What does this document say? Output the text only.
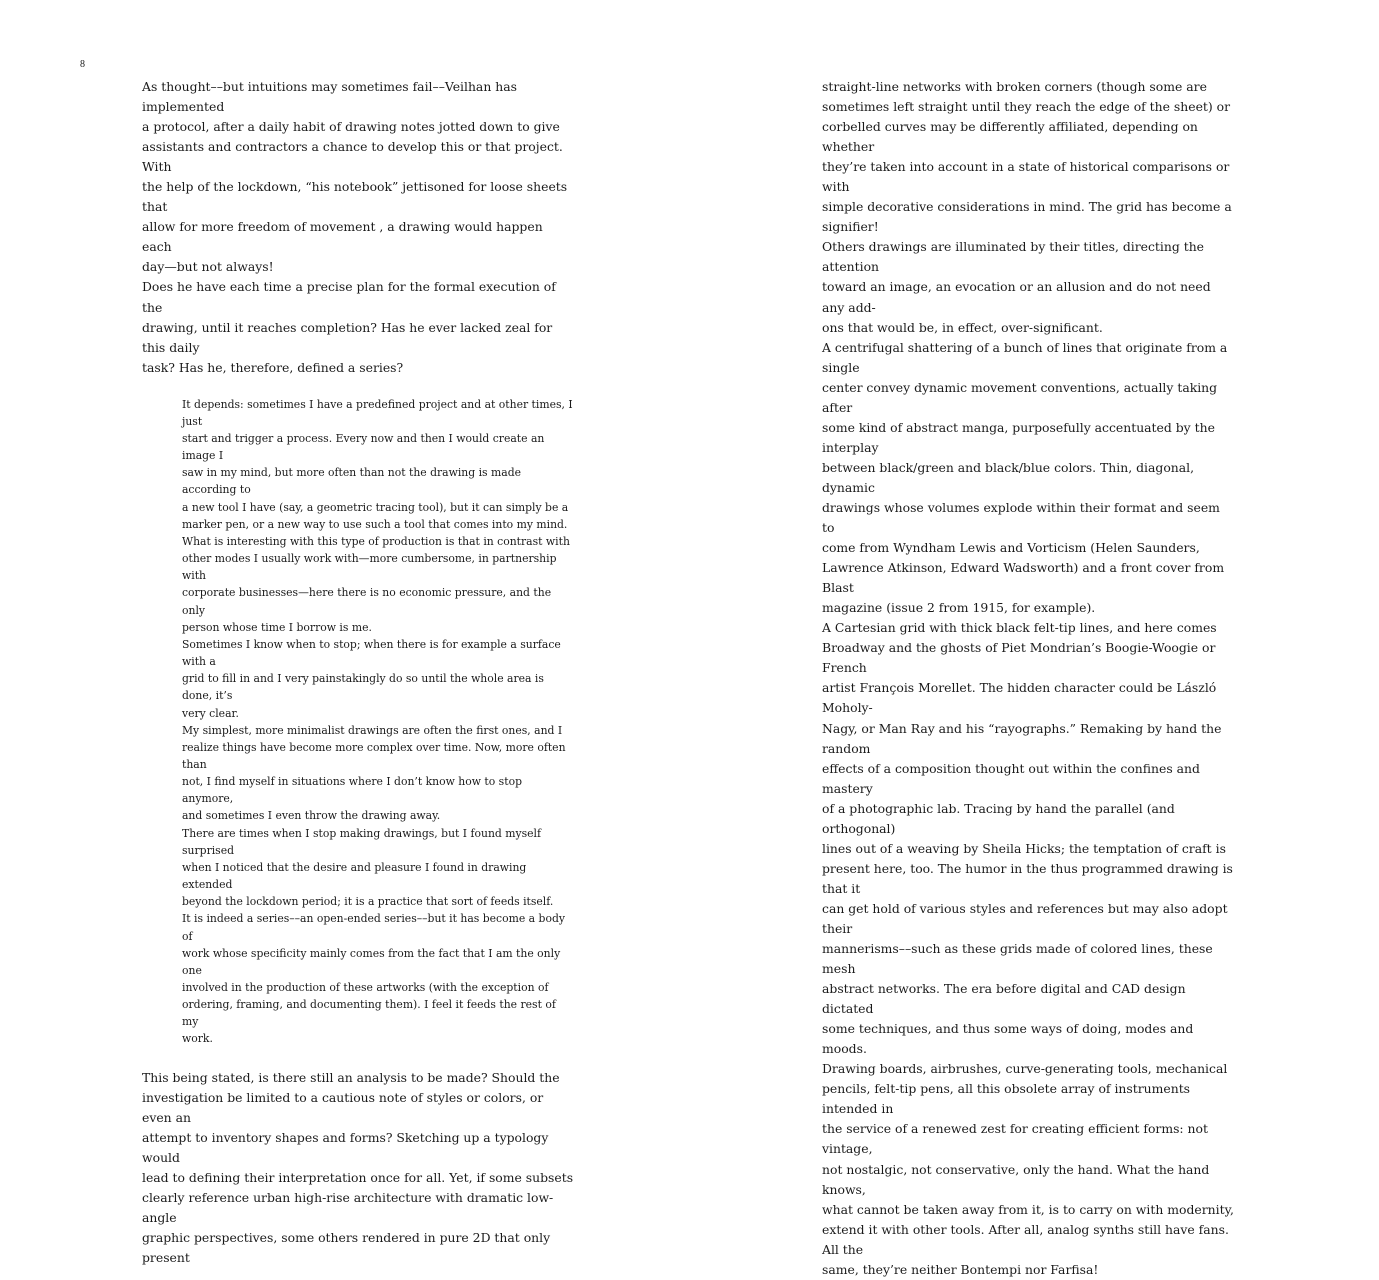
8

As thought––but intuitions may sometimes fail––Veilhan has implemented
a protocol, after a daily habit of drawing notes jotted down to give
assistants and contractors a chance to develop this or that project. With
the help of the lockdown, “his notebook” jettisoned for loose sheets that
allow for more freedom of movement , a drawing would happen each
day—but not always!

Does he have each time a precise plan for the formal execution of the
drawing, until it reaches completion? Has he ever lacked zeal for this daily
task? Has he, therefore, defined a series?

It depends: sometimes I have a predefined project and at other times, I just
start and trigger a process. Every now and then I would create an image I
saw in my mind, but more often than not the drawing is made according to
a new tool I have (say, a geometric tracing tool), but it can simply be a
marker pen, or a new way to use such a tool that comes into my mind.

What is interesting with this type of production is that in contrast with
other modes I usually work with—more cumbersome, in partnership with
corporate businesses—here there is no economic pressure, and the only
person whose time I borrow is me.

Sometimes I know when to stop; when there is for example a surface with a
grid to fill in and I very painstakingly do so until the whole area is done, it’s
very clear.

My simplest, more minimalist drawings are often the first ones, and I
realize things have become more complex over time. Now, more often than
not, I find myself in situations where I don’t know how to stop anymore,
and sometimes I even throw the drawing away.

There are times when I stop making drawings, but I found myself surprised
when I noticed that the desire and pleasure I found in drawing extended
beyond the lockdown period; it is a practice that sort of feeds itself.

It is indeed a series––an open-ended series––but it has become a body of
work whose specificity mainly comes from the fact that I am the only one
involved in the production of these artworks (with the exception of
ordering, framing, and documenting them). I feel it feeds the rest of my
work.

This being stated, is there still an analysis to be made? Should the
investigation be limited to a cautious note of styles or colors, or even an
attempt to inventory shapes and forms? Sketching up a typology would
lead to defining their interpretation once for all. Yet, if some subsets
clearly reference urban high-rise architecture with dramatic low-angle
graphic perspectives, some others rendered in pure 2D that only present

straight-line networks with broken corners (though some are
sometimes left straight until they reach the edge of the sheet) or
corbelled curves may be differently affiliated, depending on whether
they’re taken into account in a state of historical comparisons or with
simple decorative considerations in mind. The grid has become a
signifier!

Others drawings are illuminated by their titles, directing the attention
toward an image, an evocation or an allusion and do not need any add-
ons that would be, in effect, over-significant.

A centrifugal shattering of a bunch of lines that originate from a single
center convey dynamic movement conventions, actually taking after
some kind of abstract manga, purposefully accentuated by the interplay
between black/green and black/blue colors. Thin, diagonal, dynamic
drawings whose volumes explode within their format and seem to
come from Wyndham Lewis and Vorticism (Helen Saunders,
Lawrence Atkinson, Edward Wadsworth) and a front cover from Blast
magazine (issue 2 from 1915, for example).

A Cartesian grid with thick black felt-tip lines, and here comes
Broadway and the ghosts of Piet Mondrian’s Boogie-Woogie or French
artist François Morellet. The hidden character could be László Moholy-
Nagy, or Man Ray and his “rayographs.” Remaking by hand the random
effects of a composition thought out within the confines and mastery
of a photographic lab. Tracing by hand the parallel (and orthogonal)
lines out of a weaving by Sheila Hicks; the temptation of craft is
present here, too. The humor in the thus programmed drawing is that it
can get hold of various styles and references but may also adopt their
mannerisms––such as these grids made of colored lines, these mesh
abstract networks. The era before digital and CAD design dictated
some techniques, and thus some ways of doing, modes and moods.
Drawing boards, airbrushes, curve-generating tools, mechanical
pencils, felt-tip pens, all this obsolete array of instruments intended in
the service of a renewed zest for creating efficient forms: not vintage,
not nostalgic, not conservative, only the hand. What the hand knows,
what cannot be taken away from it, is to carry on with modernity,
extend it with other tools. After all, analog synths still have fans. All the
same, they’re neither Bontempi nor Farfisa!
